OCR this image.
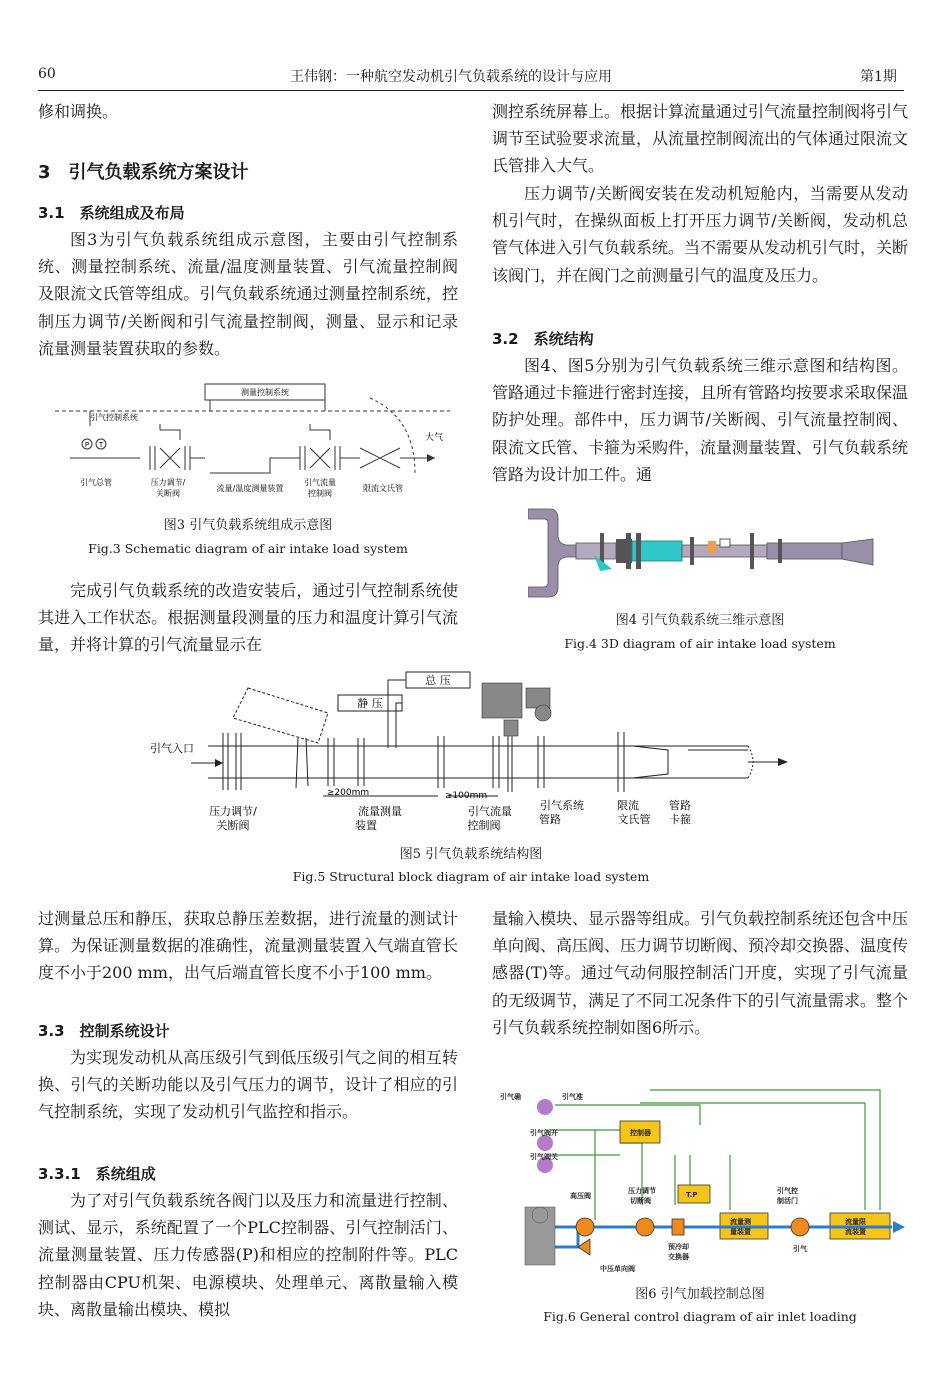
60	王伟钢：一种航空发动机引气负载系统的设计与应用	第1期
修和调换。
3　引气负载系统方案设计
3.1　系统组成及布局
图3为引气负载系统组成示意图，主要由引气控制系统、测量控制系统、流量/温度测量装置、引气流量控制阀及限流文氏管等组成。引气负载系统通过测量控制系统，控制压力调节/关断阀和引气流量控制阀，测量、显示和记录流量测量装置获取的参数。
测量控制系统
引气控制系统
大气
P T
引气总管	压力调节/
关断阀
流量/温度测量装置
引气流量
控制阀
限流文氏管
图3 引气负载系统组成示意图
Fig.3 Schematic diagram of air intake load system
完成引气负载系统的改造安装后，通过引气控制系统使其进入工作状态。根据测量段测量的压力和温度计算引气流量，并将计算的引气流量显示在
测控系统屏幕上。根据计算流量通过引气流量控制阀将引气调节至试验要求流量，从流量控制阀流出的气体通过限流文氏管排入大气。
压力调节/关断阀安装在发动机短舱内，当需要从发动机引气时，在操纵面板上打开压力调节/关断阀，发动机总管气体进入引气负载系统。当不需要从发动机引气时，关断该阀门，并在阀门之前测量引气的温度及压力。
3.2　系统结构
图4、图5分别为引气负载系统三维示意图和结构图。管路通过卡箍进行密封连接，且所有管路均按要求采取保温防护处理。部件中，压力调节/关断阀、引气流量控制阀、限流文氏管、卡箍为采购件，流量测量装置、引气负载系统管路为设计加工件。通
图4 引气负载系统三维示意图
Fig.4 3D diagram of air intake load system
总 压
静 压
引气入口
≥200mm	≥100mm
压力调节/
关断阀
流量测量
装置
引气流量
控制阀
引气系统
管路
限流
文氏管
管路
卡箍
图5 引气负载系统结构图
Fig.5 Structural block diagram of air intake load system
过测量总压和静压，获取总静压差数据，进行流量的测试计算。为保证测量数据的准确性，流量测量装置入气端直管长度不小于200 mm，出气后端直管长度不小于100 mm。
3.3　控制系统设计
为实现发动机从高压级引气到低压级引气之间的相互转换、引气的关断功能以及引气压力的调节，设计了相应的引气控制系统，实现了发动机引气监控和指示。
3.3.1　系统组成
为了对引气负载系统各阀门以及压力和流量进行控制、测试、显示，系统配置了一个PLC控制器、引气控制活门、流量测量装置、压力传感器(P)和相应的控制附件等。PLC控制器由CPU机架、电源模块、处理单元、离散量输入模块、离散量输出模块、模拟
量输入模块、显示器等组成。引气负载控制系统还包含中压单向阀、高压阀、压力调节切断阀、预冷却交换器、温度传感器(T)等。通过气动伺服控制活门开度，实现了引气流量的无级调节，满足了不同工况条件下的引气流量需求。整个引气负载系统控制如图6所示。
引气确	引气准
控制器
引气阀开
引气阀关
高压阀
压力调节
切断阀
T.P	引气控
制活门
流量测
量装置
流量限
流装置
预冷却
交换器
引气
中压单向阀
图6 引气加载控制总图
Fig.6 General control diagram of air inlet loading
